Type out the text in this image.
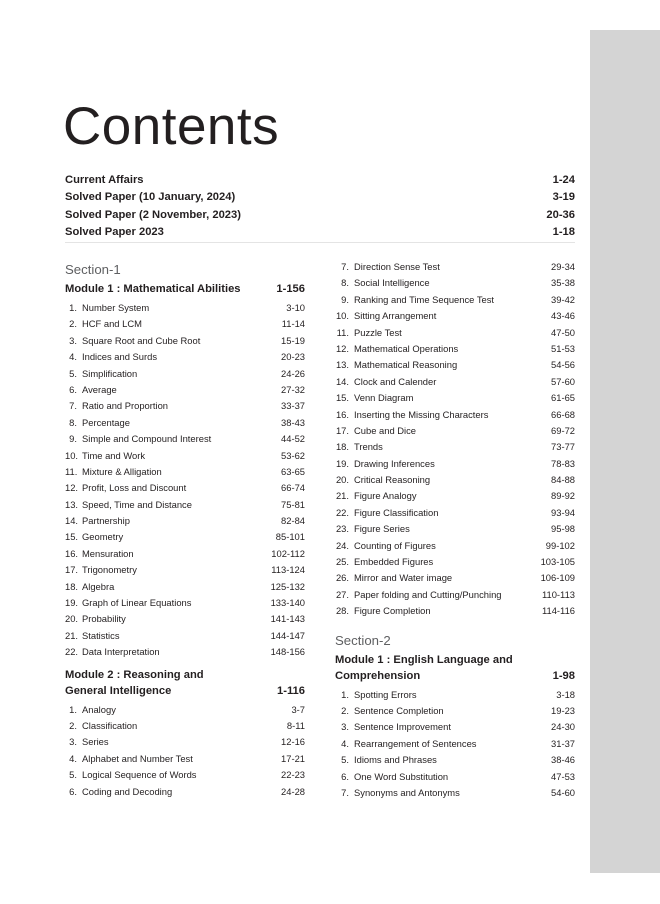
Contents
Current Affairs	1-24
Solved Paper (10 January, 2024)	3-19
Solved Paper (2 November, 2023)	20-36
Solved Paper 2023	1-18
Section-1
Module 1 : Mathematical Abilities	1-156
1. Number System	3-10
2. HCF and LCM	11-14
3. Square Root and Cube Root	15-19
4. Indices and Surds	20-23
5. Simplification	24-26
6. Average	27-32
7. Ratio and Proportion	33-37
8. Percentage	38-43
9. Simple and Compound Interest	44-52
10. Time and Work	53-62
11. Mixture & Alligation	63-65
12. Profit, Loss and Discount	66-74
13. Speed, Time and Distance	75-81
14. Partnership	82-84
15. Geometry	85-101
16. Mensuration	102-112
17. Trigonometry	113-124
18. Algebra	125-132
19. Graph of Linear Equations	133-140
20. Probability	141-143
21. Statistics	144-147
22. Data Interpretation	148-156
Module 2 : Reasoning and
General Intelligence	1-116
1. Analogy	3-7
2. Classification	8-11
3. Series	12-16
4. Alphabet and Number Test	17-21
5. Logical Sequence of Words	22-23
6. Coding and Decoding	24-28
7. Direction Sense Test	29-34
8. Social Intelligence	35-38
9. Ranking and Time Sequence Test	39-42
10. Sitting Arrangement	43-46
11. Puzzle Test	47-50
12. Mathematical Operations	51-53
13. Mathematical Reasoning	54-56
14. Clock and Calender	57-60
15. Venn Diagram	61-65
16. Inserting the Missing Characters	66-68
17. Cube and Dice	69-72
18. Trends	73-77
19. Drawing Inferences	78-83
20. Critical Reasoning	84-88
21. Figure Analogy	89-92
22. Figure Classification	93-94
23. Figure Series	95-98
24. Counting of Figures	99-102
25. Embedded Figures	103-105
26. Mirror and Water image	106-109
27. Paper folding and Cutting/Punching	110-113
28. Figure Completion	114-116
Section-2
Module 1 : English Language and
Comprehension	1-98
1. Spotting Errors	3-18
2. Sentence Completion	19-23
3. Sentence Improvement	24-30
4. Rearrangement of Sentences	31-37
5. Idioms and Phrases	38-46
6. One Word Substitution	47-53
7. Synonyms and Antonyms	54-60
